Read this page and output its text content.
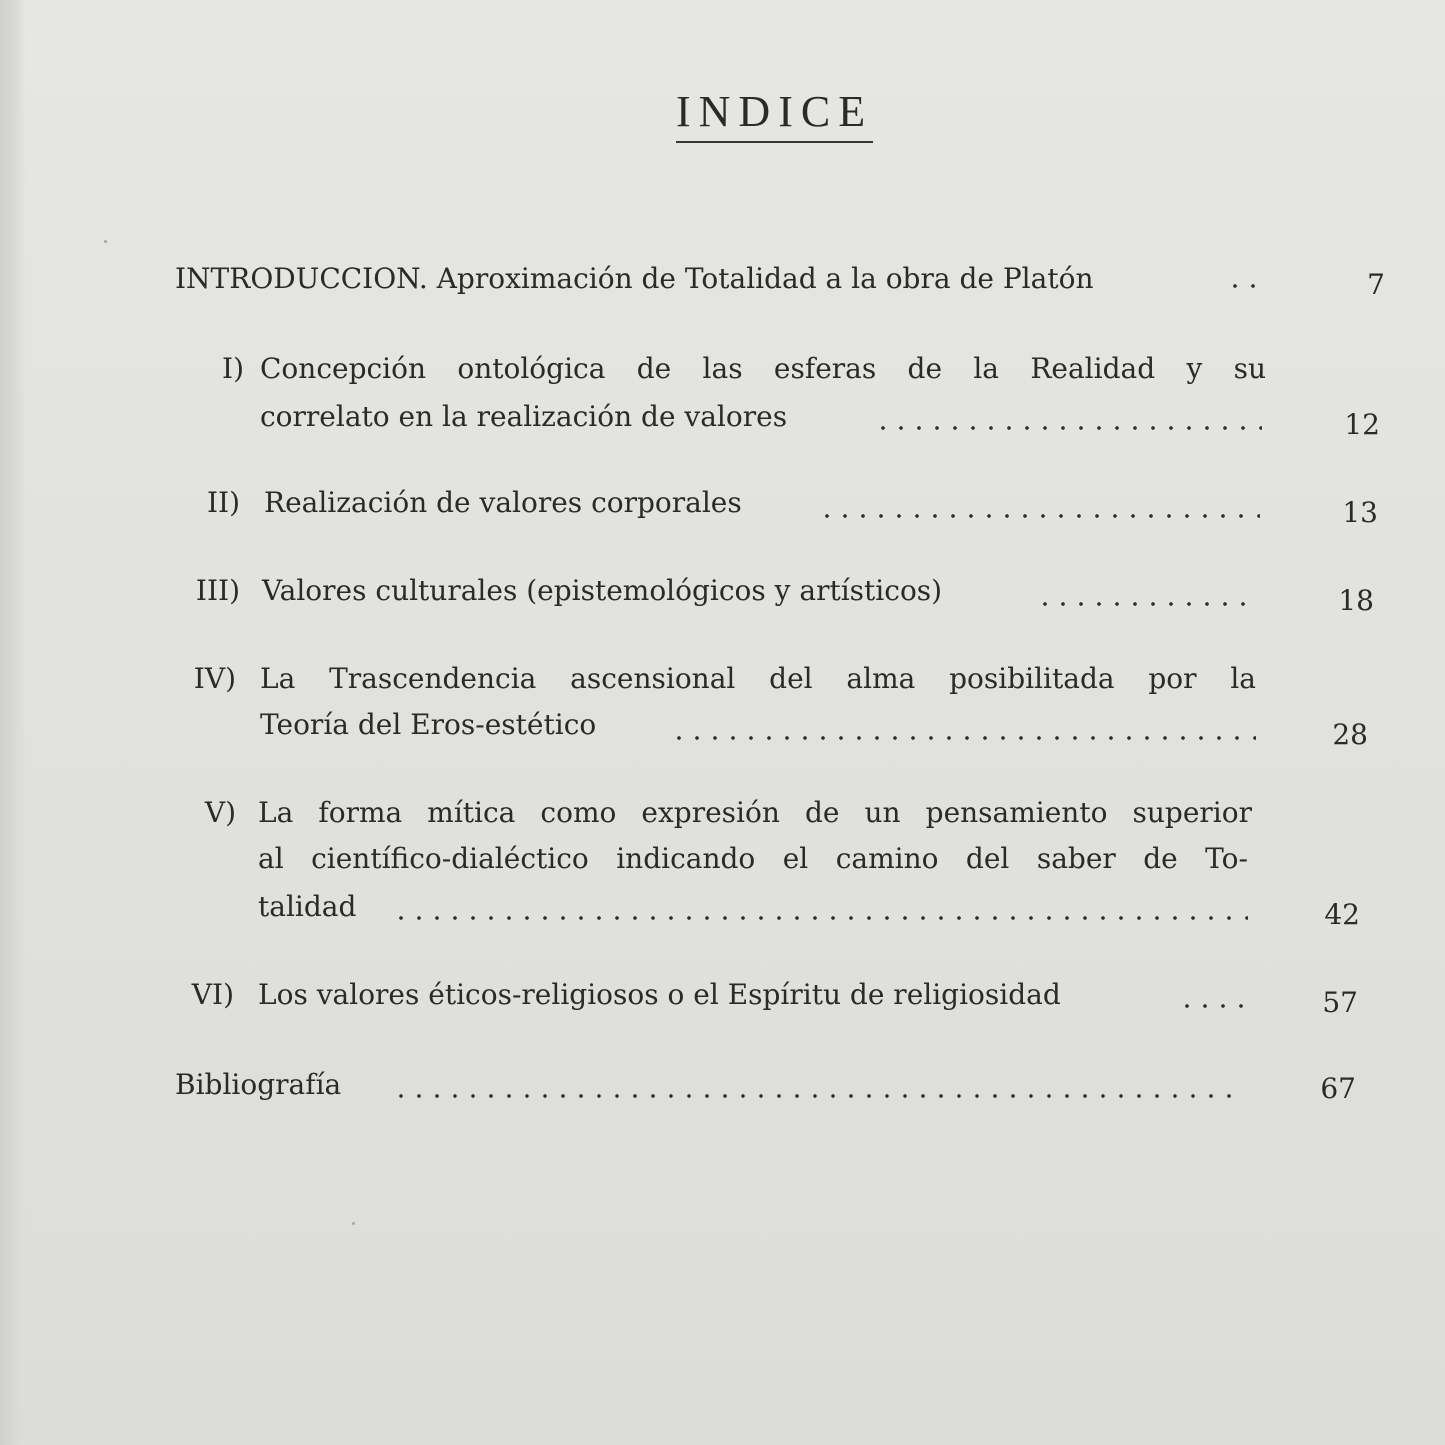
INDICE
INTRODUCCION. Aproximación de Totalidad a la obra de Platón	7
I) Concepción ontológica de las esferas de la Realidad y su
correlato en la realización de valores	12
II) Realización de valores corporales	13
III) Valores culturales (epistemológicos y artísticos)	18
IV) La Trascendencia ascensional del alma posibilitada por la
Teoría del Eros-estético	28
V) La forma mítica como expresión de un pensamiento superior
al científico-dialéctico indicando el camino del saber de To-
talidad	42
VI) Los valores éticos-religiosos o el Espíritu de religiosidad	57
Bibliografía	67
